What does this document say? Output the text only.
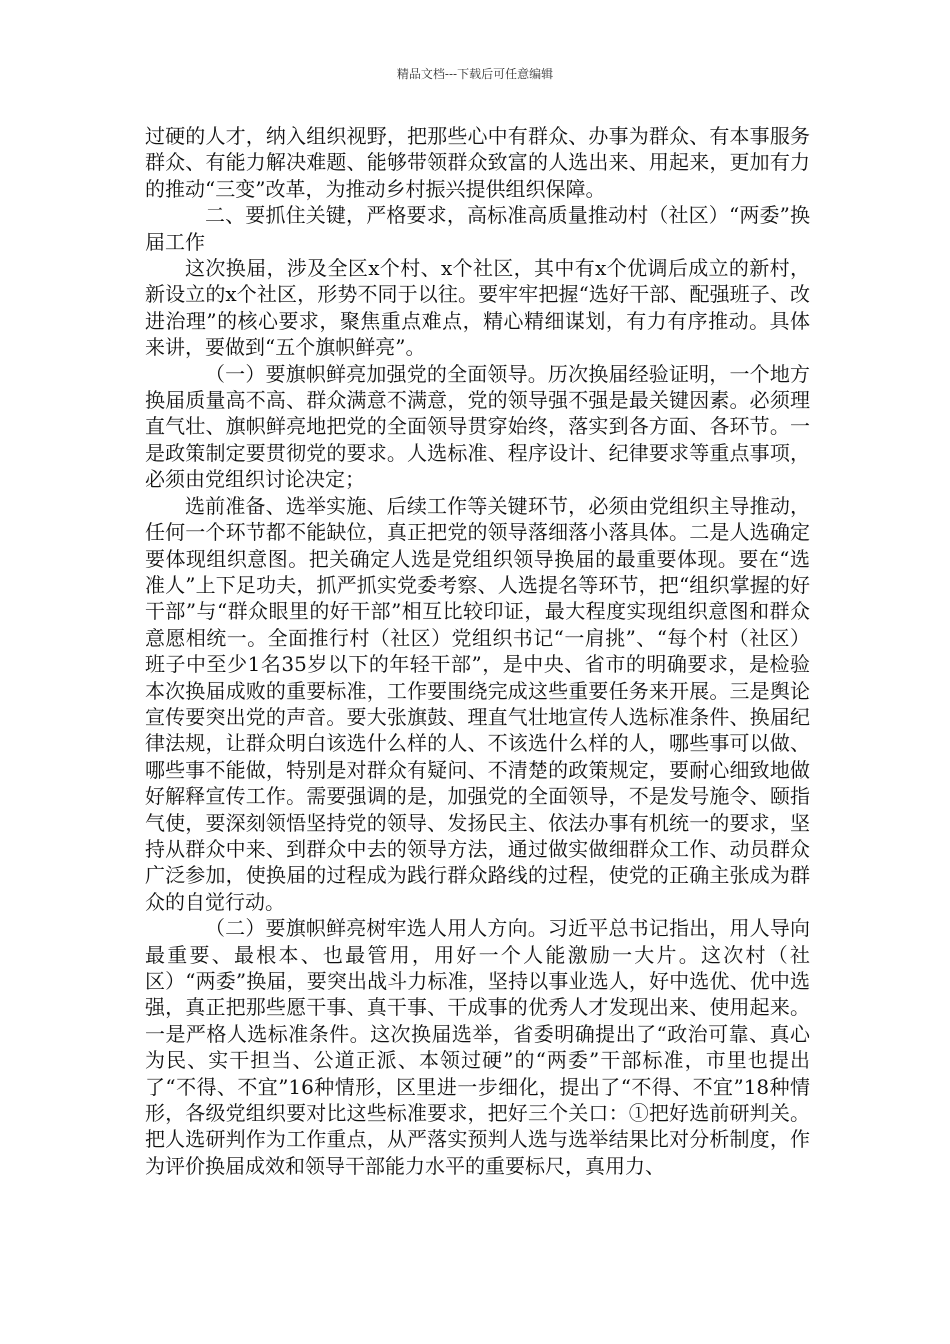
精品文档---下载后可任意编辑

过硬的人才，纳入组织视野，把那些心中有群众、办事为群众、有本事服务群众、有能力解决难题、能够带领群众致富的人选出来、用起来，更加有力的推动“三变”改革，为推动乡村振兴提供组织保障。

二、要抓住关键，严格要求，高标准高质量推动村（社区）“两委”换届工作

这次换届，涉及全区x个村、x个社区，其中有x个优调后成立的新村，新设立的x个社区，形势不同于以往。要牢牢把握“选好干部、配强班子、改进治理”的核心要求，聚焦重点难点，精心精细谋划，有力有序推动。具体来讲，要做到“五个旗帜鲜亮”。

（一）要旗帜鲜亮加强党的全面领导。历次换届经验证明，一个地方换届质量高不高、群众满意不满意，党的领导强不强是最关键因素。必须理直气壮、旗帜鲜亮地把党的全面领导贯穿始终，落实到各方面、各环节。一是政策制定要贯彻党的要求。人选标准、程序设计、纪律要求等重点事项，必须由党组织讨论决定；

选前准备、选举实施、后续工作等关键环节，必须由党组织主导推动，任何一个环节都不能缺位，真正把党的领导落细落小落具体。二是人选确定要体现组织意图。把关确定人选是党组织领导换届的最重要体现。要在“选准人”上下足功夫，抓严抓实党委考察、人选提名等环节，把“组织掌握的好干部”与“群众眼里的好干部”相互比较印证，最大程度实现组织意图和群众意愿相统一。全面推行村（社区）党组织书记“一肩挑”、“每个村（社区）班子中至少1名35岁以下的年轻干部”，是中央、省市的明确要求，是检验本次换届成败的重要标准，工作要围绕完成这些重要任务来开展。三是舆论宣传要突出党的声音。要大张旗鼓、理直气壮地宣传人选标准条件、换届纪律法规，让群众明白该选什么样的人、不该选什么样的人，哪些事可以做、哪些事不能做，特别是对群众有疑问、不清楚的政策规定，要耐心细致地做好解释宣传工作。需要强调的是，加强党的全面领导，不是发号施令、颐指气使，要深刻领悟坚持党的领导、发扬民主、依法办事有机统一的要求，坚持从群众中来、到群众中去的领导方法，通过做实做细群众工作、动员群众广泛参加，使换届的过程成为践行群众路线的过程，使党的正确主张成为群众的自觉行动。

（二）要旗帜鲜亮树牢选人用人方向。习近平总书记指出，用人导向最重要、最根本、也最管用，用好一个人能激励一大片。这次村（社区）“两委”换届，要突出战斗力标准，坚持以事业选人，好中选优、优中选强，真正把那些愿干事、真干事、干成事的优秀人才发现出来、使用起来。一是严格人选标准条件。这次换届选举，省委明确提出了“政治可靠、真心为民、实干担当、公道正派、本领过硬”的“两委”干部标准，市里也提出了“不得、不宜”16种情形，区里进一步细化，提出了“不得、不宜”18种情形，各级党组织要对比这些标准要求，把好三个关口：①把好选前研判关。把人选研判作为工作重点，从严落实预判人选与选举结果比对分析制度，作为评价换届成效和领导干部能力水平的重要标尺，真用力、
